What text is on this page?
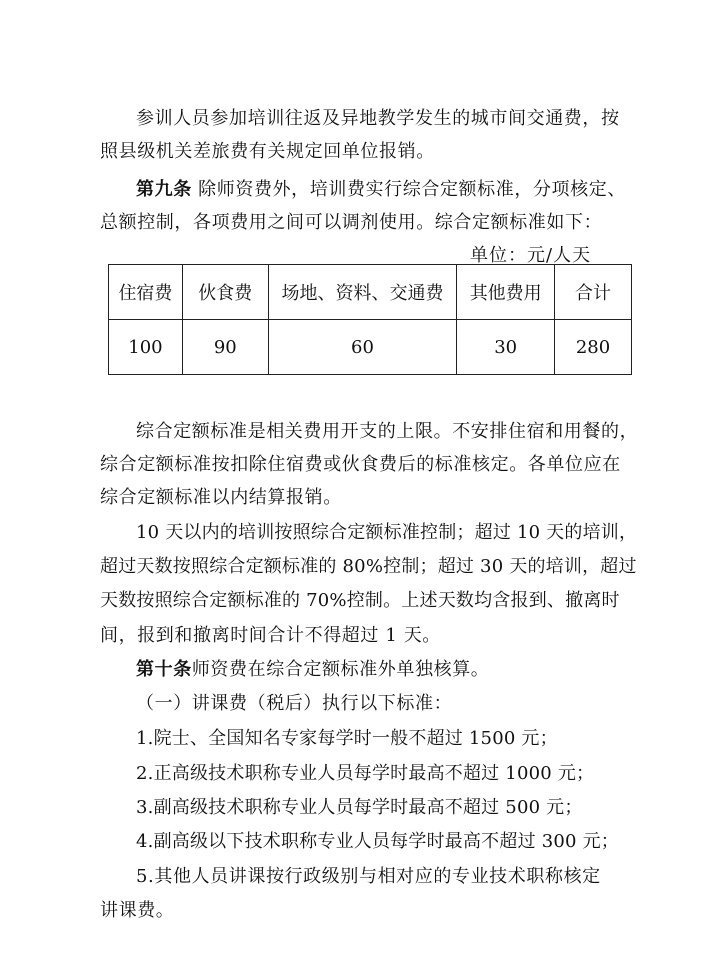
参训人员参加培训往返及异地教学发生的城市间交通费，按
照县级机关差旅费有关规定回单位报销。
第九条 除师资费外，培训费实行综合定额标准，分项核定、
总额控制，各项费用之间可以调剂使用。综合定额标准如下：
单位：元/人天
住宿费	伙食费	场地、资料、交通费	其他费用	合计
100	90	60	30	280
综合定额标准是相关费用开支的上限。不安排住宿和用餐的，
综合定额标准按扣除住宿费或伙食费后的标准核定。各单位应在
综合定额标准以内结算报销。
10 天以内的培训按照综合定额标准控制；超过 10 天的培训，
超过天数按照综合定额标准的 80%控制；超过 30 天的培训，超过
天数按照综合定额标准的 70%控制。上述天数均含报到、撤离时
间，报到和撤离时间合计不得超过 1 天。
第十条师资费在综合定额标准外单独核算。
（一）讲课费（税后）执行以下标准：
1.院士、全国知名专家每学时一般不超过 1500 元；
2.正高级技术职称专业人员每学时最高不超过 1000 元；
3.副高级技术职称专业人员每学时最高不超过 500 元；
4.副高级以下技术职称专业人员每学时最高不超过 300 元；
5.其他人员讲课按行政级别与相对应的专业技术职称核定
讲课费。
